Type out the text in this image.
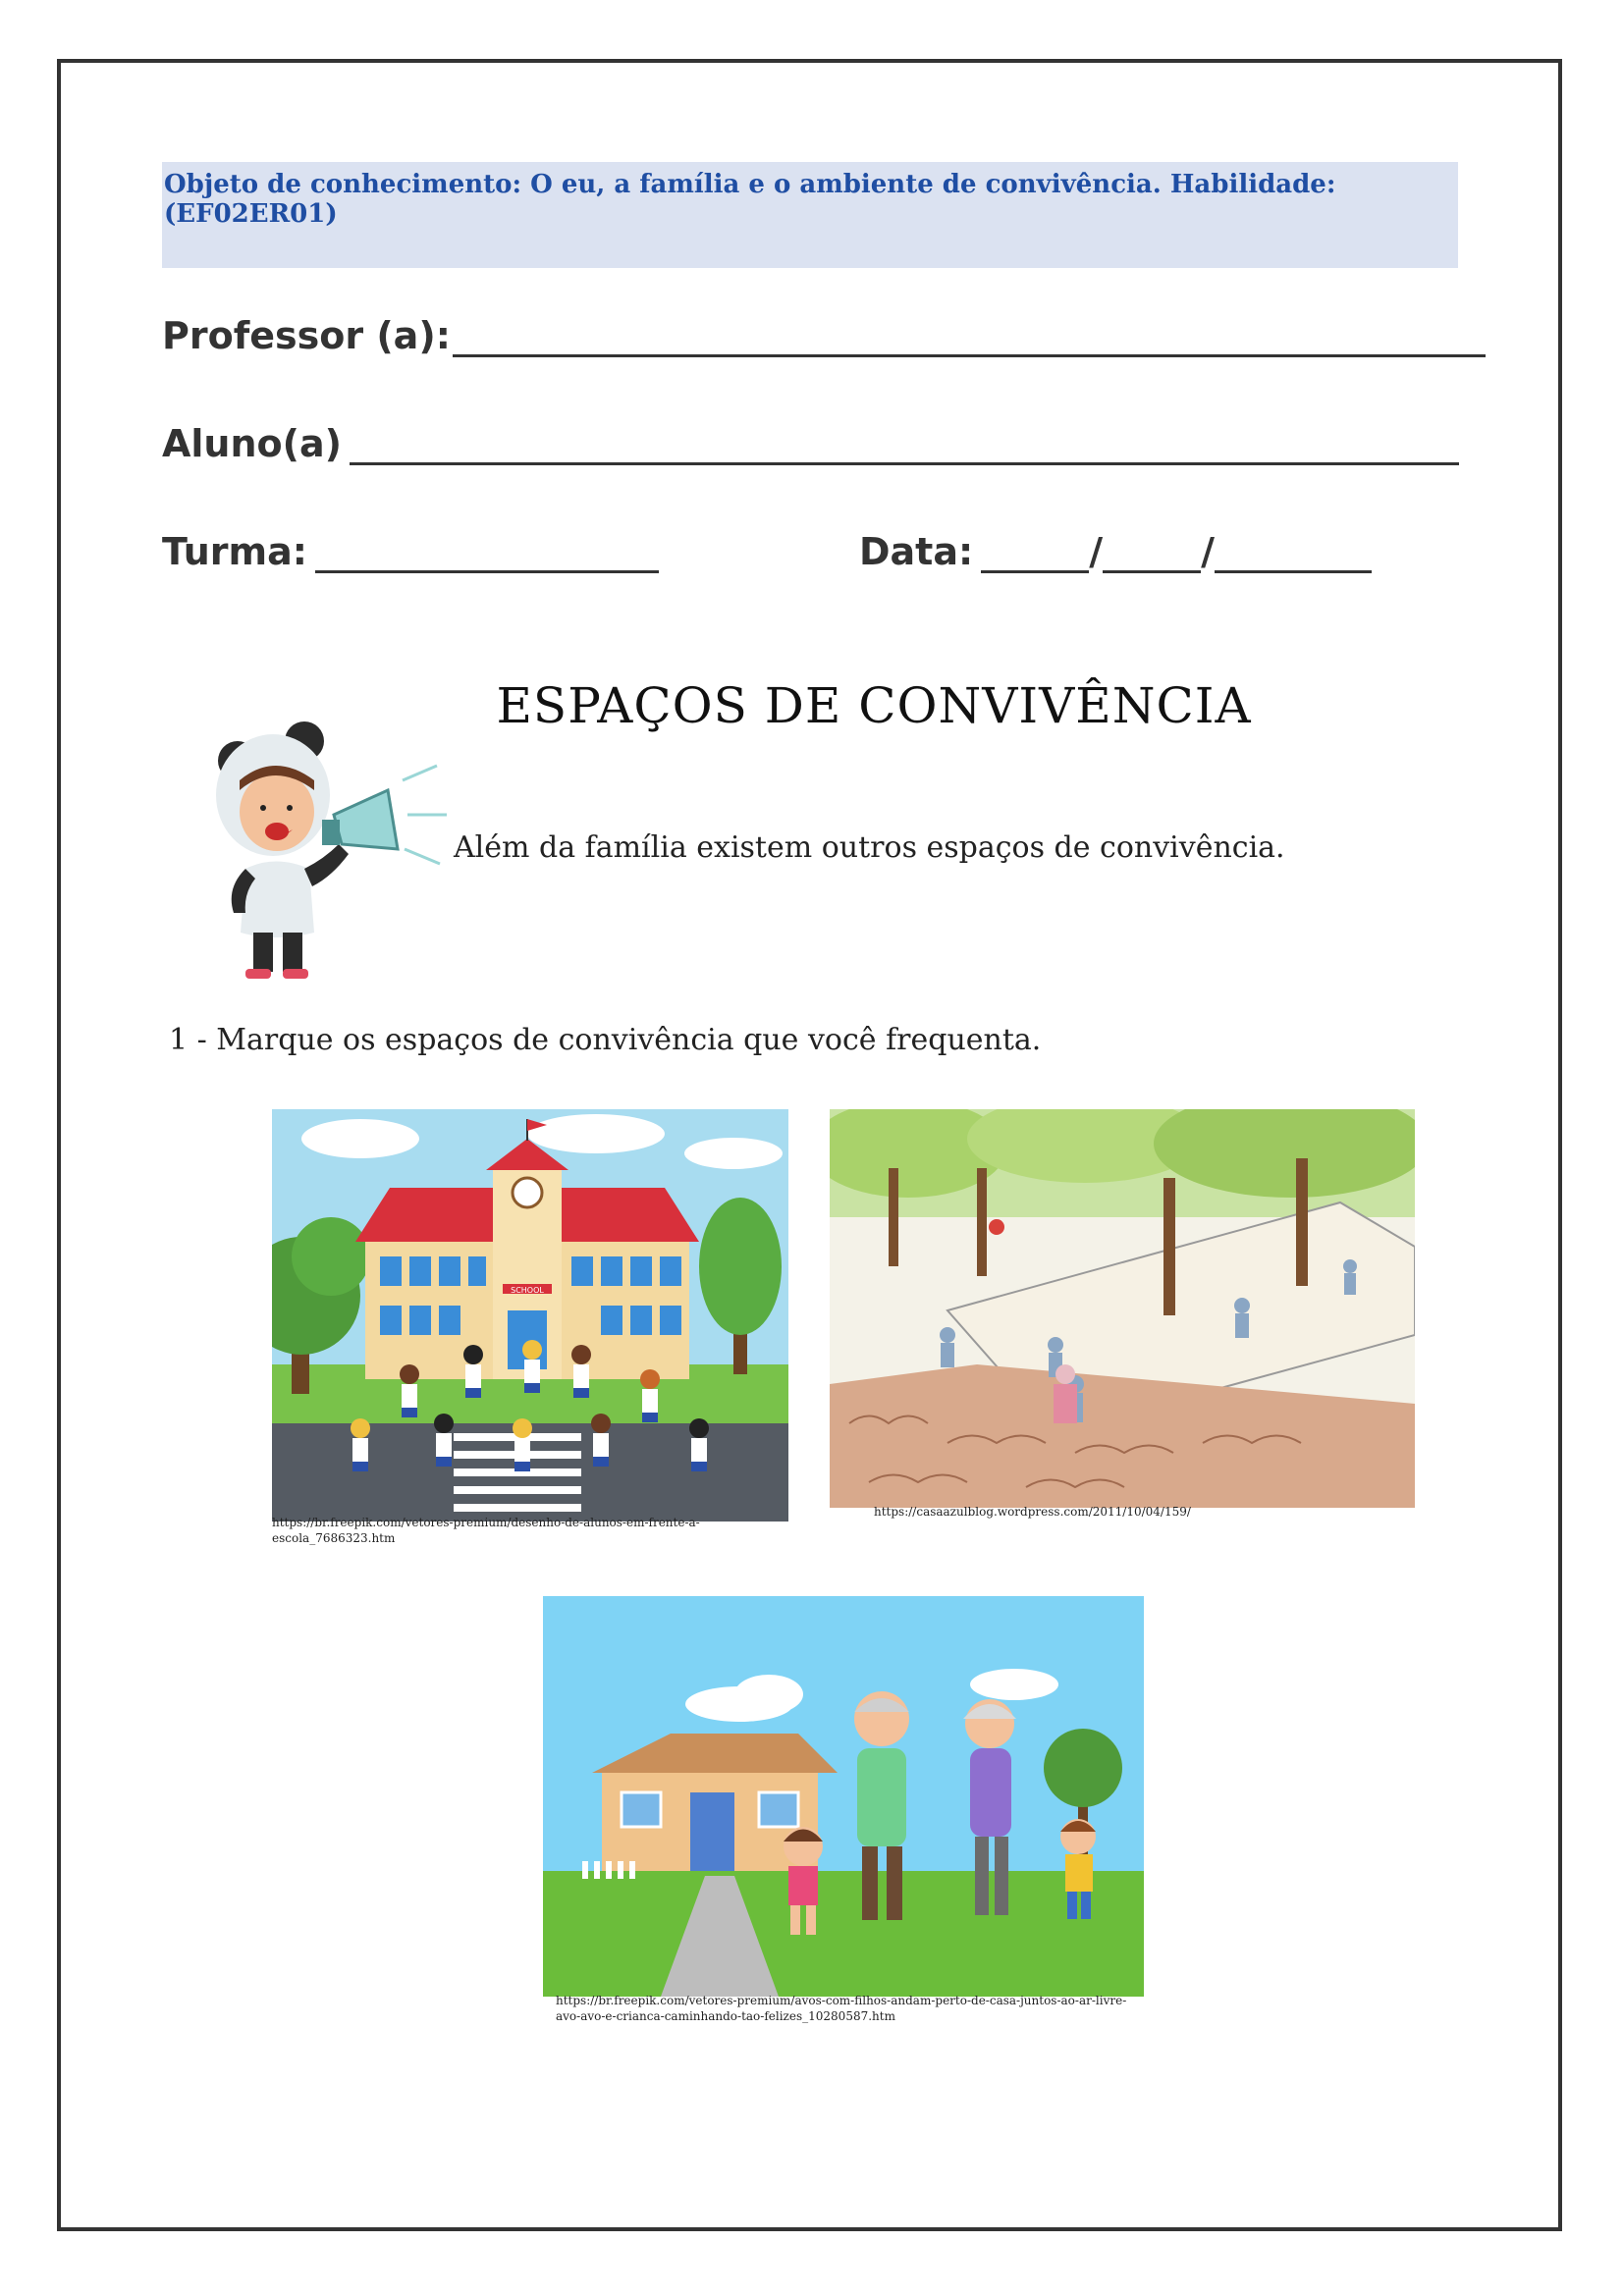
Objeto de conhecimento: O eu, a família e o ambiente de convivência. Habilidade: (EF02ER01)
Professor (a):
Aluno(a)
Turma:	Data:	/	/
ESPAÇOS DE CONVIVÊNCIA
Além da família existem outros espaços de convivência.
1 - Marque os espaços de convivência que você frequenta.
SCHOOL
https://br.freepik.com/vetores-premium/desenho-de-alunos-em-frente-a-escola_7686323.htm
https://casaazulblog.wordpress.com/2011/10/04/159/
https://br.freepik.com/vetores-premium/avos-com-filhos-andam-perto-de-casa-juntos-ao-ar-livre-avo-avo-e-crianca-caminhando-tao-felizes_10280587.htm
